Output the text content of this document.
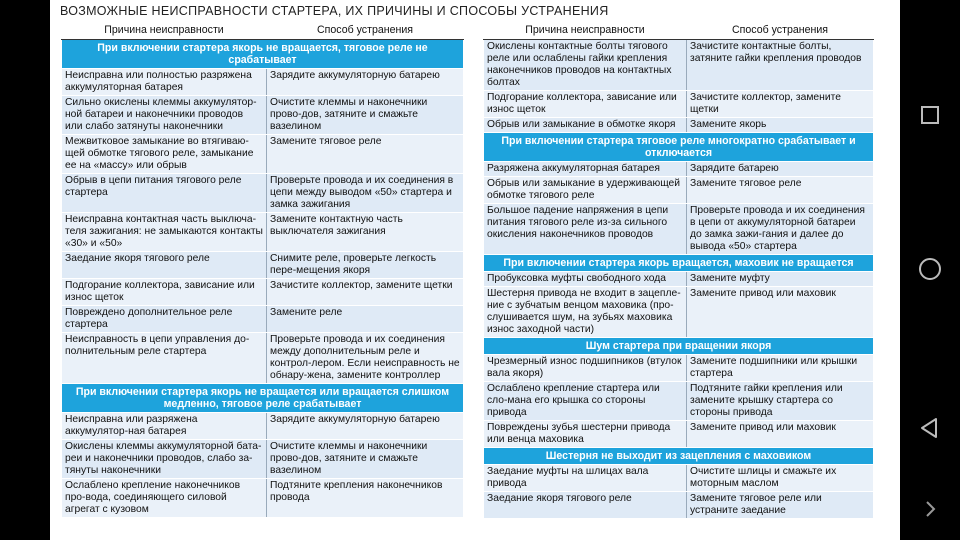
ВОЗМОЖНЫЕ НЕИСПРАВНОСТИ СТАРТЕРА, ИХ ПРИЧИНЫ И СПОСОБЫ УСТРАНЕНИЯ
Причина неисправности	Способ устранения
При включении стартера якорь не вращается, тяговое реле не срабатывает	
Неисправна или полностью разряжена аккумуляторная батарея	Зарядите аккумуляторную батарею
Сильно окислены клеммы аккумулятор-ной батареи и наконечники проводов или слабо затянуты наконечники	Очистите клеммы и наконечники прово-дов, затяните и смажьте вазелином
Межвитковое замыкание во втягиваю-щей обмотке тягового реле, замыкание ее на «массу» или обрыв	Замените тяговое реле
Обрыв в цепи питания тягового реле стартера	Проверьте провода и их соединения в цепи между выводом «50» стартера и замка зажигания
Неисправна контактная часть выключа-теля зажигания: не замыкаются контакты «30» и «50»	Замените контактную часть выключателя зажигания
Заедание якоря тягового реле	Снимите реле, проверьте легкость пере-мещения якоря
Подгорание коллектора, зависание или износ щеток	Зачистите коллектор, замените щетки
Повреждено дополнительное реле стартера	Замените реле
Неисправность в цепи управления до-полнительным реле стартера	Проверьте провода и их соединения между дополнительным реле и контрол-лером. Если неисправность не обнару-жена, замените контроллер
При включении стартера якорь не вращается или вращается слишком медленно, тяговое реле срабатывает	
Неисправна или разряжена аккумулятор-ная батарея	Зарядите аккумуляторную батарею
Окислены клеммы аккумуляторной бата-реи и наконечники проводов, слабо за-тянуты наконечники	Очистите клеммы и наконечники прово-дов, затяните и смажьте вазелином
Ослаблено крепление наконечников про-вода, соединяющего силовой агрегат с кузовом	Подтяните крепления наконечников провода
Причина неисправности	Способ устранения
Окислены контактные болты тягового реле или ослаблены гайки крепления наконечников проводов на контактных болтах	Зачистите контактные болты, затяните гайки крепления проводов
Подгорание коллектора, зависание или износ щеток	Зачистите коллектор, замените щетки
Обрыв или замыкание в обмотке якоря	Замените якорь
При включении стартера тяговое реле многократно срабатывает и отключается	
Разряжена аккумуляторная батарея	Зарядите батарею
Обрыв или замыкание в удерживающей обмотке тягового реле	Замените тяговое реле
Большое падение напряжения в цепи питания тягового реле из-за сильного окисления наконечников проводов	Проверьте провода и их соединения в цепи от аккумуляторной батареи до замка зажи-гания и далее до вывода «50» стартера
При включении стартера якорь вращается, маховик не вращается	
Пробуксовка муфты свободного хода	Замените муфту
Шестерня привода не входит в зацепле-ние с зубчатым венцом маховика (про-слушивается шум, на зубьях маховика износ заходной части)	Замените привод или маховик
Шум стартера при вращении якоря	
Чрезмерный износ подшипников (втулок вала якоря)	Замените подшипники или крышки стартера
Ослаблено крепление стартера или сло-мана его крышка со стороны привода	Подтяните гайки крепления или замените крышку стартера со стороны привода
Повреждены зубья шестерни привода или венца маховика	Замените привод или маховик
Шестерня не выходит из зацепления с маховиком	
Заедание муфты на шлицах вала привода	Очистите шлицы и смажьте их моторным маслом
Заедание якоря тягового реле	Замените тяговое реле или устраните заедание
